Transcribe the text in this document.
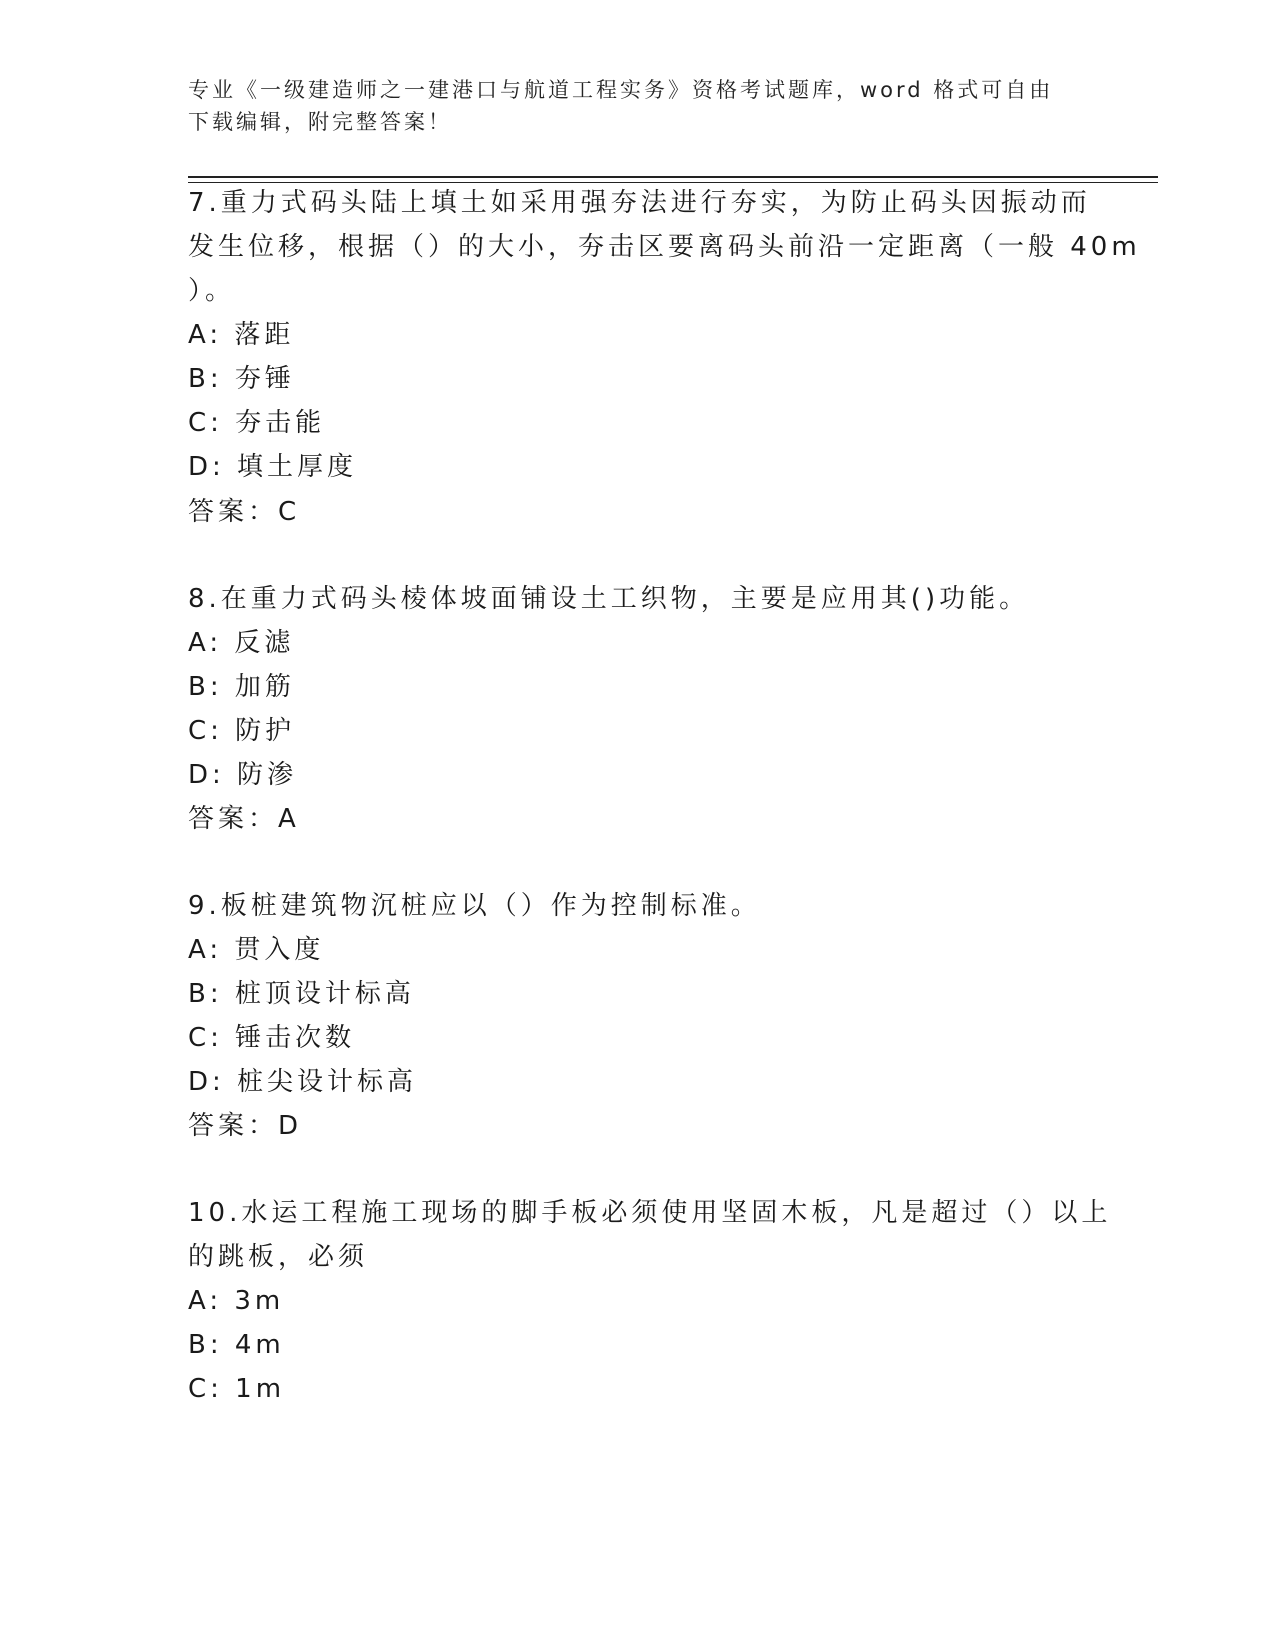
专业《一级建造师之一建港口与航道工程实务》资格考试题库，word 格式可自由
下载编辑，附完整答案！
7.重力式码头陆上填土如采用强夯法进行夯实，为防止码头因振动而
发生位移，根据（）的大小，夯击区要离码头前沿一定距离（一般 40m
）。
A: 落距
B: 夯锤
C: 夯击能
D: 填土厚度
答案：C
8.在重力式码头棱体坡面铺设土工织物，主要是应用其()功能。
A: 反滤
B: 加筋
C: 防护
D: 防渗
答案：A
9.板桩建筑物沉桩应以（）作为控制标准。
A: 贯入度
B: 桩顶设计标高
C: 锤击次数
D: 桩尖设计标高
答案：D
10.水运工程施工现场的脚手板必须使用坚固木板，凡是超过（）以上
的跳板，必须
A: 3m
B: 4m
C: 1m
